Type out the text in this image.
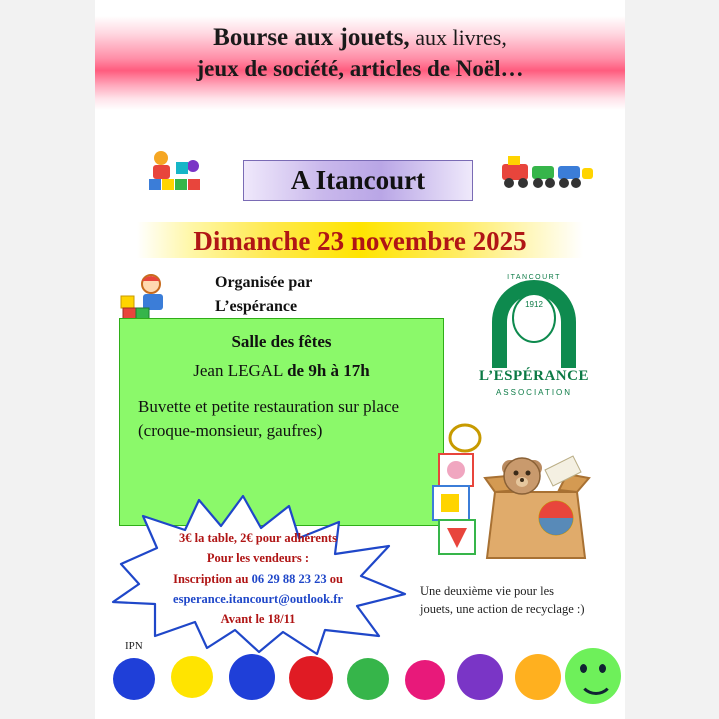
Bourse aux jouets, aux livres,
jeux de société, articles de Noël…
A Itancourt
Dimanche 23 novembre 2025
Organisée par
L’espérance
ITANCOURT
1912
L’ESPÉRANCE
ASSOCIATION
Salle des fêtes
Jean LEGAL de 9h à 17h
Buvette et petite restauration sur place (croque-monsieur, gaufres)
3€ la table, 2€ pour adhérents
Pour les vendeurs :
Inscription au 06 29 88 23 23 ou
esperance.itancourt@outlook.fr
Avant le 18/11
Une deuxième vie pour les jouets, une action de recyclage :)
IPN
